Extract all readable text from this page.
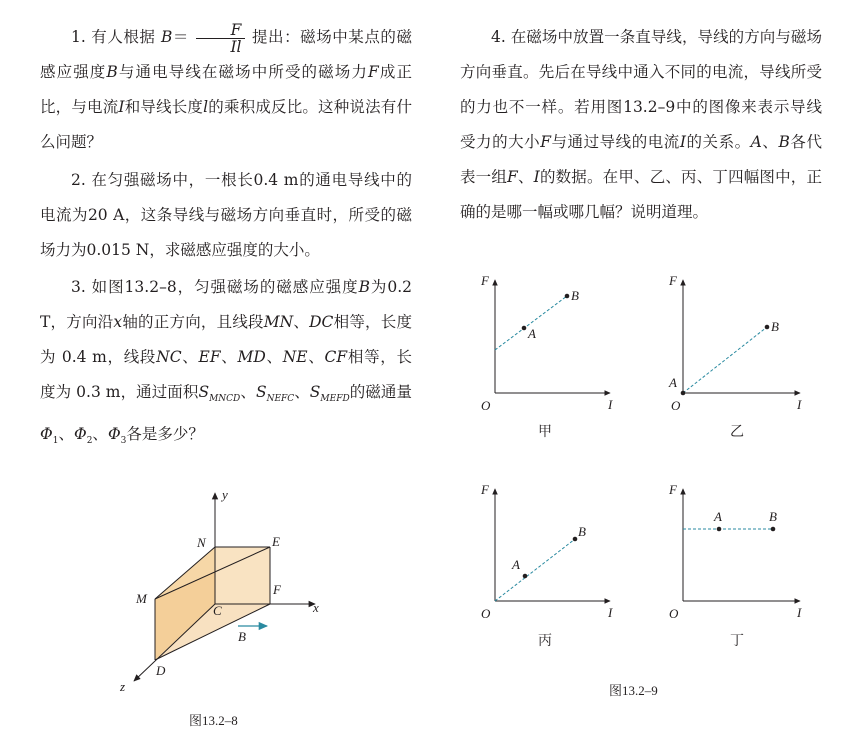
1. 有人根据 $B= \frac{F}{Il}$ 提出：磁场中某点的磁感应强度B与通电导线在磁场中所受的磁场力F成正比，与电流I和导线长度l的乘积成反比。这种说法有什么问题？

2. 在匀强磁场中，一根长0.4 m的通电导线中的电流为20 A，这条导线与磁场方向垂直时，所受的磁场力为0.015 N，求磁感应强度的大小。

3. 如图13.2–8，匀强磁场的磁感应强度B为0.2 T，方向沿x轴的正方向，且线段MN、DC相等，长度为 0.4 m，线段NC、EF、MD、NE、CF相等，长度为 0.3 m，通过面积$S_{MNCD}$、$S_{NEFC}$、$S_{MEFD}$的磁通量$\Phi_1$、$\Phi_2$、$\Phi_3$各是多少？

y
x
z
N	E
M
F
C
D
B
图13.2–8

4. 在磁场中放置一条直导线，导线的方向与磁场方向垂直。先后在导线中通入不同的电流，导线所受的力也不一样。若用图13.2–9中的图像来表示导线受力的大小F与通过导线的电流I的关系。A、B各代表一组F、I的数据。在甲、乙、丙、丁四幅图中，正确的是哪一幅或哪几幅？说明道理。

F
I
O
A
B
甲
F
I
O
A
B
乙
F
I
O
A
B
丙
F
I
O
A	B
丁
图13.2–9
